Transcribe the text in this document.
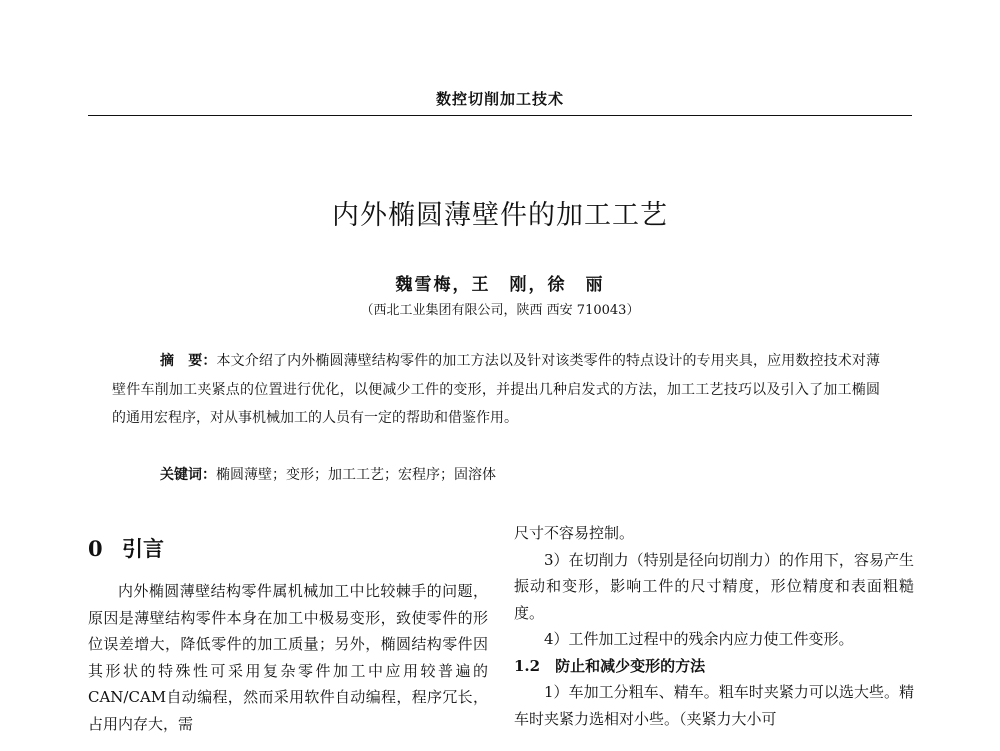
数控切削加工技术
内外椭圆薄壁件的加工工艺
魏雪梅，王　刚，徐　丽
（西北工业集团有限公司，陕西 西安 710043）

摘　要：本文介绍了内外椭圆薄壁结构零件的加工方法以及针对该类零件的特点设计的专用夹具，应用数控技术对薄壁件车削加工夹紧点的位置进行优化，以便减少工件的变形，并提出几种启发式的方法，加工工艺技巧以及引入了加工椭圆的通用宏程序，对从事机械加工的人员有一定的帮助和借鉴作用。

关键词：椭圆薄壁；变形；加工工艺；宏程序；固溶体

0 引言

内外椭圆薄壁结构零件属机械加工中比较棘手的问题，原因是薄壁结构零件本身在加工中极易变形，致使零件的形位误差增大，降低零件的加工质量；另外，椭圆结构零件因其形状的特殊性可采用复杂零件加工中应用较普遍的CAN/CAM自动编程，然而采用软件自动编程，程序冗长，占用内存大，需

尺寸不容易控制。

3）在切削力（特别是径向切削力）的作用下，容易产生振动和变形，影响工件的尺寸精度，形位精度和表面粗糙度。

4）工件加工过程中的残余内应力使工件变形。

1.2　 防止和减少变形的方法

1）车加工分粗车、精车。粗车时夹紧力可以选大些。精车时夹紧力选相对小些。（夹紧力大小可
